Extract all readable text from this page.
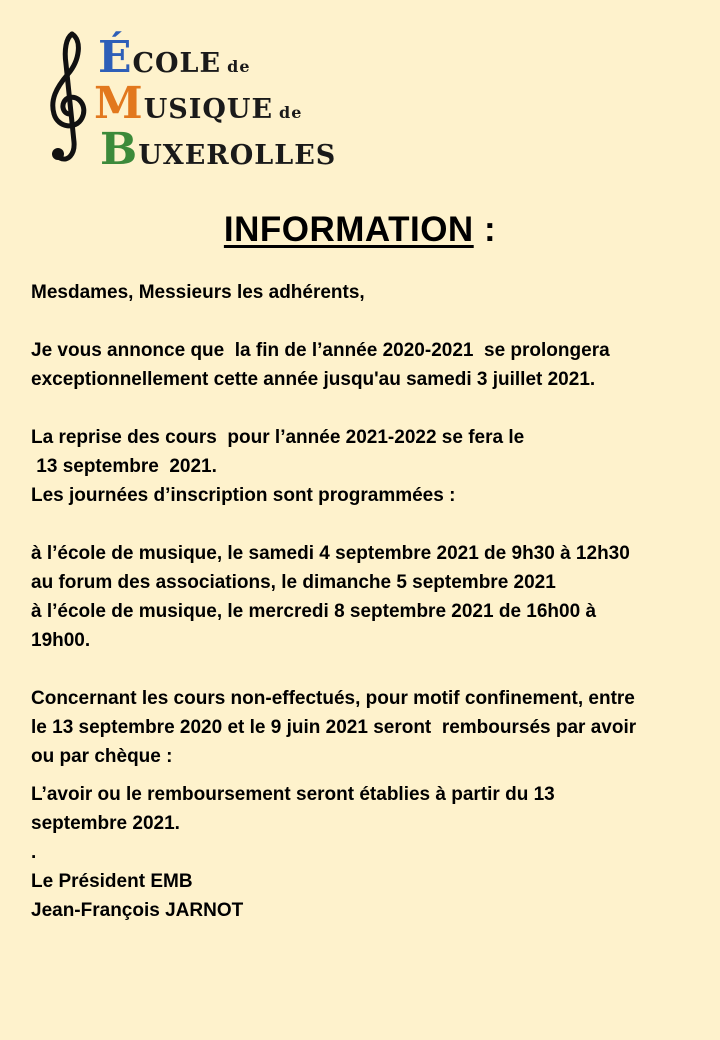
ÉCOLE de
MUSIQUE de
BUXEROLLES
INFORMATION :

Mesdames, Messieurs les adhérents,

Je vous annonce que  la fin de l’année 2020-2021  se prolongera

exceptionnellement cette année jusqu'au samedi 3 juillet 2021.

La reprise des cours  pour l’année 2021-2022 se fera le

13 septembre  2021.

Les journées d’inscription sont programmées :

à l’école de musique, le samedi 4 septembre 2021 de 9h30 à 12h30

au forum des associations, le dimanche 5 septembre 2021

à l’école de musique, le mercredi 8 septembre 2021 de 16h00 à

19h00.

Concernant les cours non-effectués, pour motif confinement, entre

le 13 septembre 2020 et le 9 juin 2021 seront  remboursés par avoir

ou par chèque :

L’avoir ou le remboursement seront établies à partir du 13

septembre 2021.

.

Le Président EMB

Jean-François JARNOT
